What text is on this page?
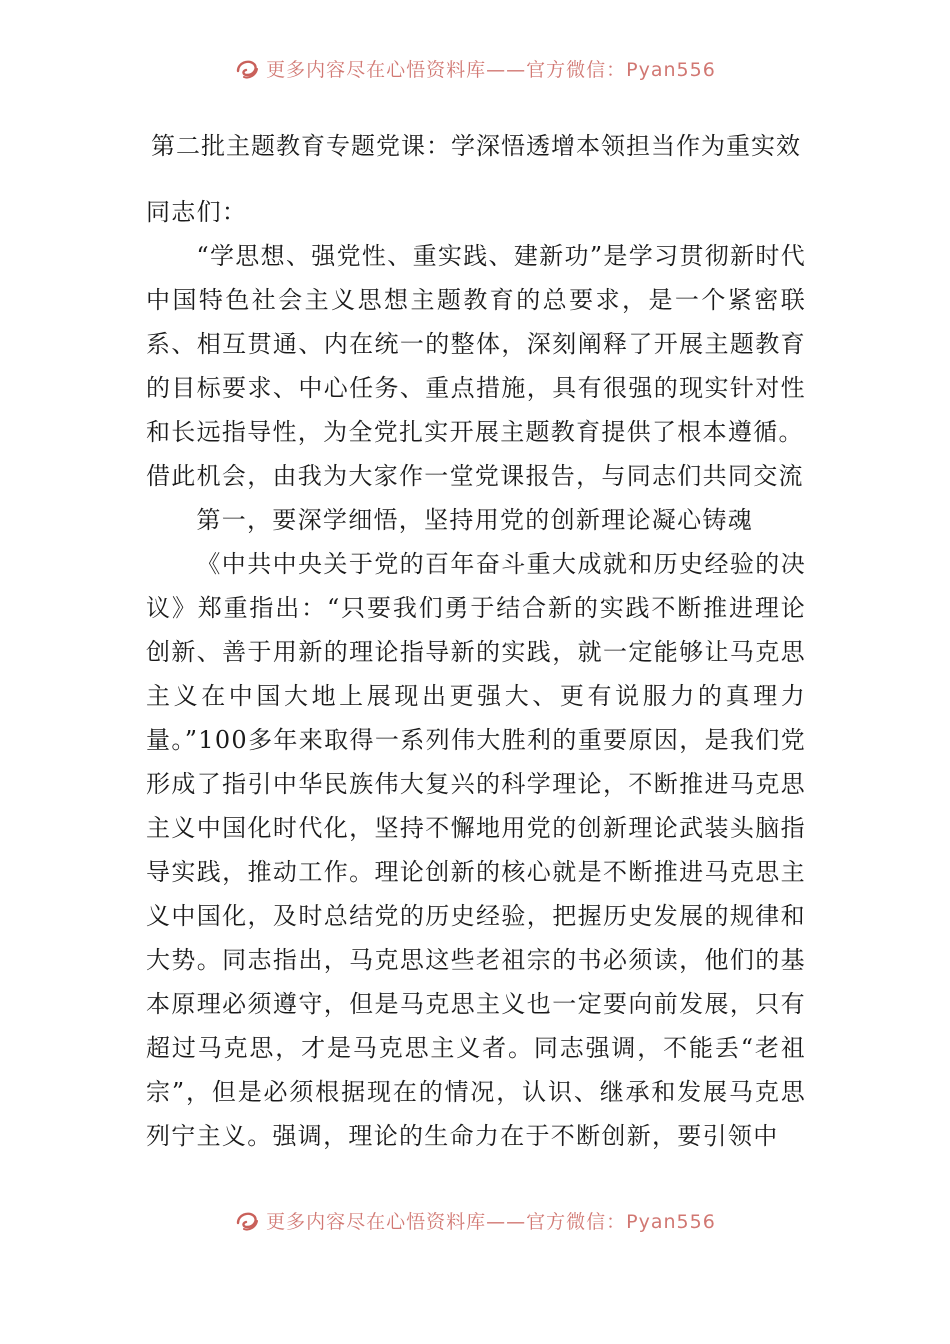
更多内容尽在心悟资料库——官方微信：Pyan556
第二批主题教育专题党课：学深悟透增本领担当作为重实效

同志们：

“学思想、强党性、重实践、建新功”是学习贯彻新时代中国特色社会主义思想主题教育的总要求，是一个紧密联系、相互贯通、内在统一的整体，深刻阐释了开展主题教育的目标要求、中心任务、重点措施，具有很强的现实针对性和长远指导性，为全党扎实开展主题教育提供了根本遵循。

借此机会，由我为大家作一堂党课报告，与同志们共同交流

第一，要深学细悟，坚持用党的创新理论凝心铸魂

《中共中央关于党的百年奋斗重大成就和历史经验的决议》郑重指出：“只要我们勇于结合新的实践不断推进理论创新、善于用新的理论指导新的实践，就一定能够让马克思主义在中国大地上展现出更强大、更有说服力的真理力量。”100多年来取得一系列伟大胜利的重要原因，是我们党形成了指引中华民族伟大复兴的科学理论，不断推进马克思主义中国化时代化，坚持不懈地用党的创新理论武装头脑指导实践，推动工作。理论创新的核心就是不断推进马克思主义中国化，及时总结党的历史经验，把握历史发展的规律和大势。同志指出，马克思这些老祖宗的书必须读，他们的基本原理必须遵守，但是马克思主义也一定要向前发展，只有超过马克思，才是马克思主义者。同志强调，不能丢“老祖宗”，但是必须根据现在的情况，认识、继承和发展马克思列宁主义。强调，理论的生命力在于不断创新，要引领中

更多内容尽在心悟资料库——官方微信：Pyan556
